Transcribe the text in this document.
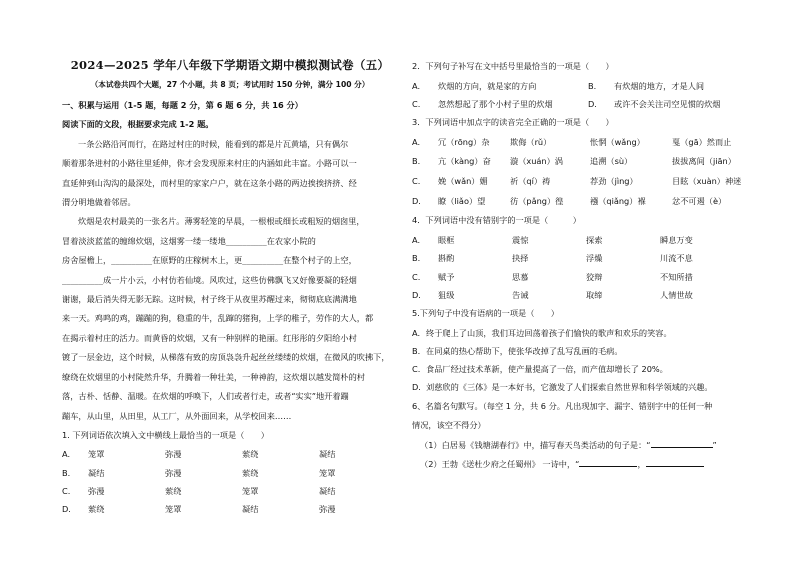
2024—2025 学年八年级下学期语文期中模拟测试卷（五）
（本试卷共四个大题，27 个小题，共 8 页；考试用时 150 分钟，满分 100 分）
一、积累与运用（1-5 题，每题 2 分，第 6 题 6 分，共 16 分）
阅读下面的文段，根据要求完成 1-2 题。
一条公路沿河而行，在路过村庄的时候，能看到的都是片瓦黄墙，只有偶尔
顺着那条进村的小路往里延伸，你才会发现原来村庄的内涵如此丰富。小路可以一
直延伸到山沟沟的最深处，而村里的家家户户，就在这条小路的两边挨挨挤挤、经
渭分明地做着邻居。
炊烟是农村最美的一张名片。薄雾轻笼的早晨，一根根或细长或粗短的烟囱里，
冒着淡淡蓝蓝的缠绵炊烟，这烟雾一缕一缕地__________在农家小院的
房舍屋檐上，__________在原野的庄稼树木上，更__________在整个村子的上空，
__________成一片小云，小村仿若仙境。风吹过，这些仿佛飘飞又好像要凝的轻烟
谢谢，最后消失得无影无踪。这时候，村子终于从夜里苏醒过来，彻彻底底满满地
来一天。鸡鸣的鸡，蹦蹦的狗，稳重的牛，乱蹿的猪狗，上学的稚子，劳作的大人，都
在揭示着村庄的活力。而黄昏的炊烟，又有一种别样的艳丽。红彤彤的夕阳给小村
镀了一层金边，这个时候，从梯落有致的房顶袅袅升起丝丝缕缕的炊烟，在微风的吹拂下，
缭绕在炊烟里的小村陡然升华，升腾着一种壮美，一种神韵，这炊烟以越发简朴的村
落，古朴、恬静、温暖。在炊烟的呼唤下，人们或者行走，或者“实实”地开着蹦
蹦车，从山里，从田里，从工厂，从外面回来，从学校回来……
1. 下列词语依次填入文中横线上最恰当的一项是（　　）
A.	笼罩	弥漫	萦绕	凝结
B.	凝结	弥漫	萦绕	笼罩
C.	弥漫	萦绕	笼罩	凝结
D.	萦绕	笼罩	凝结	弥漫
2．下列句子补写在文中括号里最恰当的一项是（　　）
A.	炊烟的方向，就是家的方向	B.	有炊烟的地方，才是人间
C.	忽然想起了那个小村子里的炊烟	D.	或许不会关注司空见惯的炊烟
3．下列词语中加点字的读音完全正确的一项是（　　）
A.	冗（rōng）杂	欺侮（rǔ）	怅惘（wǎng）	戛（gā）然而止
B.	亢（kàng）奋	漩（xuán）涡	追溯（sù）	拔拔离间（jiān）
C.	娩（wǎn）媚	祈（qí）祷	荐劲（jìng）	目眩（xuàn）神迷
D.	瞭（liǎo）望	彷（pǎng）徨	襁（qiǎng）褓	忿不可遏（è）
4．下列词语中没有错别字的一项是（　　　）
A.	眼框	震惊	探索	瞬息万变
B.	斟酌	抉择	浮燥	川流不息
C.	赋予	思慕	狡辩	不知所措
D.	狙级	告诫	取缔	人情世故
5.下列句子中没有语病的一项是（　　）
A. 终于爬上了山顶，我们耳边回荡着孩子们愉快的歌声和欢乐的笑容。
B. 在同桌的热心帮助下，使张华改掉了乱写乱画的毛病。
C. 食品厂经过技术革新，使产量提高了一倍，而产值却增长了 20%。
D. 刘慈欣的《三体》是一本好书，它激发了人们探索自然世界和科学领域的兴趣。
6、名篇名句默写。（每空 1 分，共 6 分。凡出现加字、漏字、错别字中的任何一种
情况，该空不得分）
（1）白居易《钱塘湖春行》中，描写春天鸟类活动的句子是：“	”
（2）王勃《送杜少府之任蜀州》 一诗中，“	，
